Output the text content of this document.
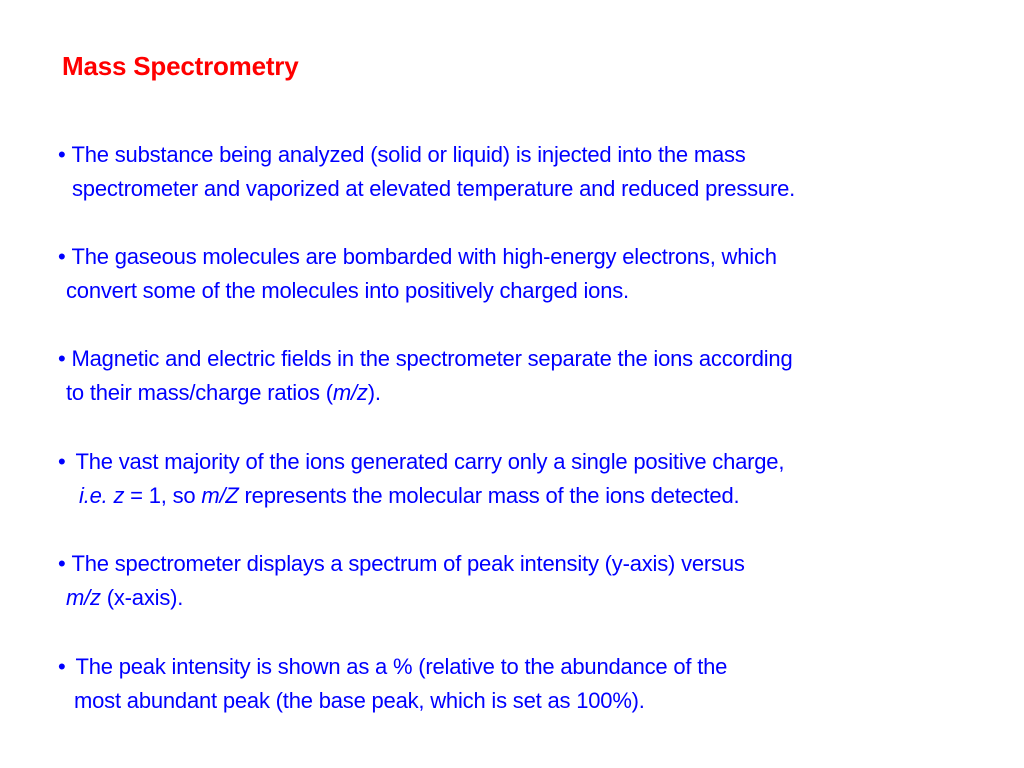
Mass Spectrometry
• The substance being analyzed (solid or liquid) is injected into the mass
spectrometer and vaporized at elevated temperature and reduced pressure.
• The gaseous molecules are bombarded with high-energy electrons, which
convert some of the molecules into positively charged ions.
• Magnetic and electric fields in the spectrometer separate the ions according
to their mass/charge ratios (m/z).
• The vast majority of the ions generated carry only a single positive charge,
i.e. z = 1, so m/Z represents the molecular mass of the ions detected.
• The spectrometer displays a spectrum of peak intensity (y-axis) versus
m/z (x-axis).
• The peak intensity is shown as a % (relative to the abundance of the
most abundant peak (the base peak, which is set as 100%).
